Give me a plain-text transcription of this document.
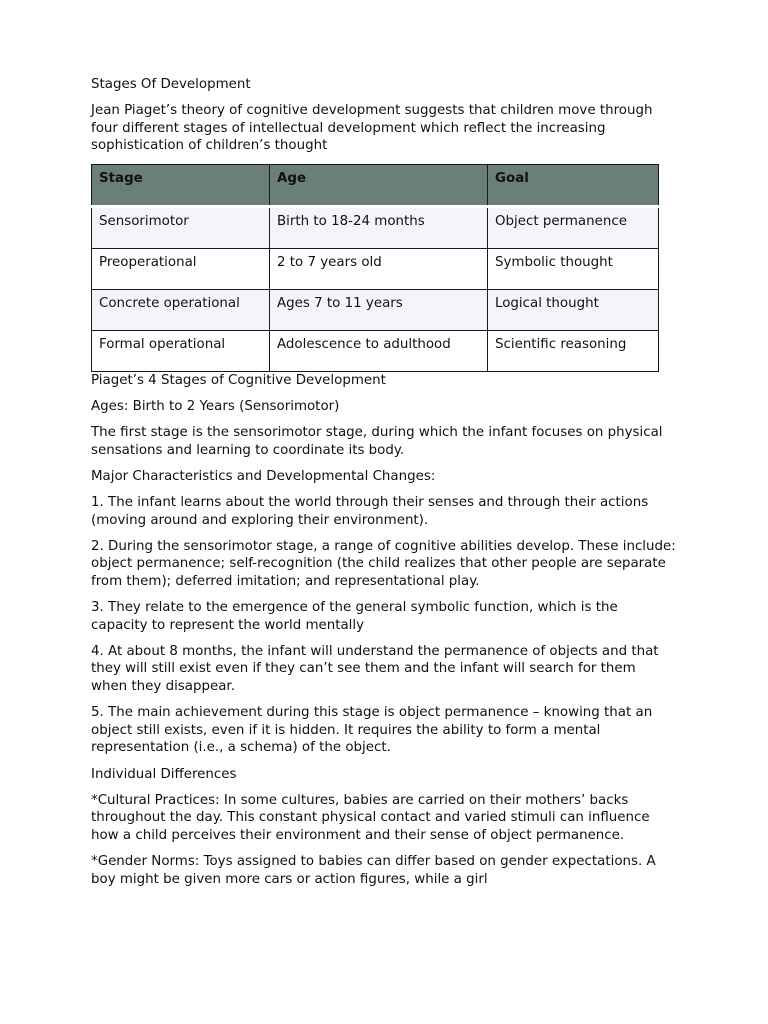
Stages Of Development

Jean Piaget’s theory of cognitive development suggests that children move through four different stages of intellectual development which reflect the increasing sophistication of children’s thought

Stage	Age	Goal
Sensorimotor	Birth to 18-24 months	Object permanence
Preoperational	2 to 7 years old	Symbolic thought
Concrete operational	Ages 7 to 11 years	Logical thought
Formal operational	Adolescence to adulthood	Scientific reasoning

Piaget’s 4 Stages of Cognitive Development

Ages: Birth to 2 Years (Sensorimotor)

The first stage is the sensorimotor stage, during which the infant focuses on physical sensations and learning to coordinate its body.

Major Characteristics and Developmental Changes:

1. The infant learns about the world through their senses and through their actions (moving around and exploring their environment).

2. During the sensorimotor stage, a range of cognitive abilities develop. These include: object permanence; self-recognition (the child realizes that other people are separate from them); deferred imitation; and representational play.

3. They relate to the emergence of the general symbolic function, which is the capacity to represent the world mentally

4. At about 8 months, the infant will understand the permanence of objects and that they will still exist even if they can’t see them and the infant will search for them when they disappear.

5. The main achievement during this stage is object permanence – knowing that an object still exists, even if it is hidden. It requires the ability to form a mental representation (i.e., a schema) of the object.

Individual Differences

*Cultural Practices: In some cultures, babies are carried on their mothers’ backs throughout the day. This constant physical contact and varied stimuli can influence how a child perceives their environment and their sense of object permanence.

*Gender Norms: Toys assigned to babies can differ based on gender expectations. A boy might be given more cars or action figures, while a girl
